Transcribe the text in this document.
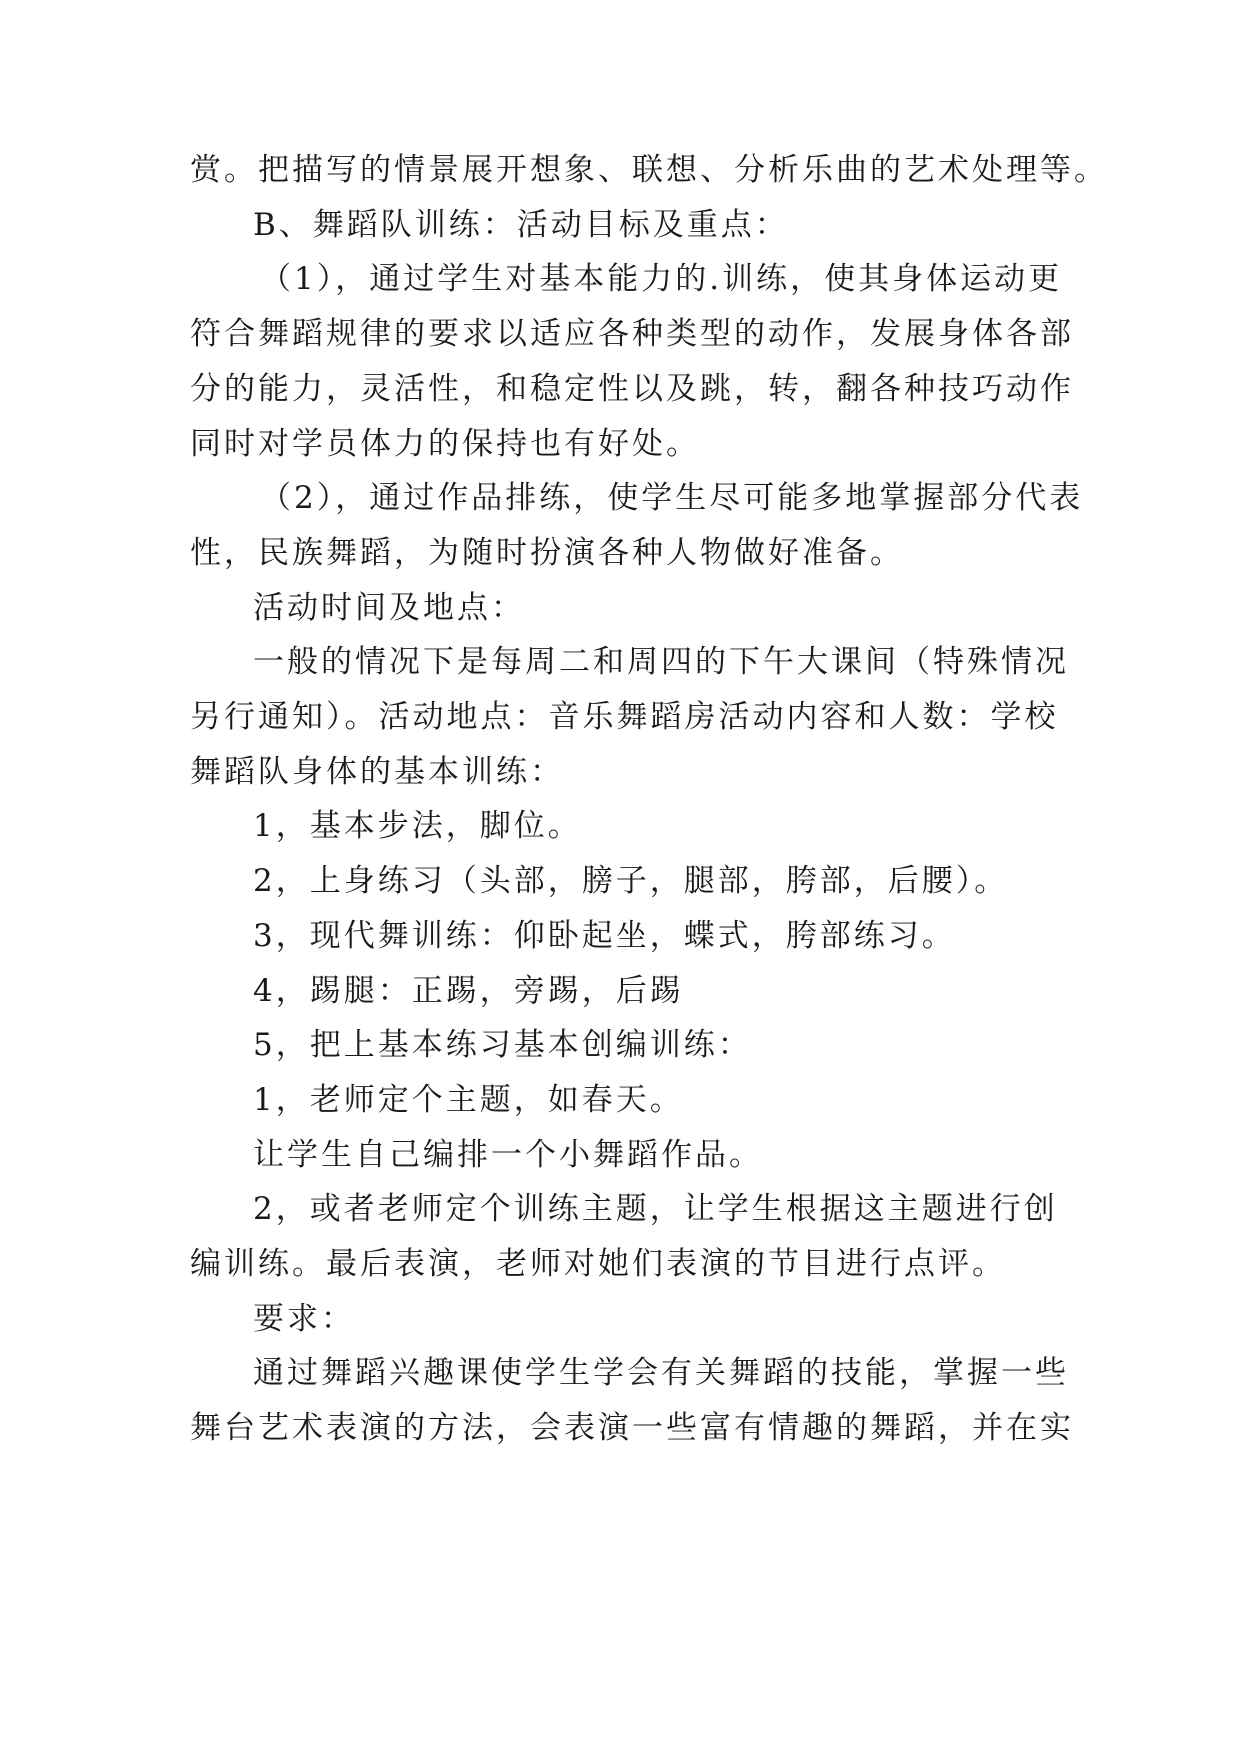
赏。把描写的情景展开想象、联想、分析乐曲的艺术处理等。
B、舞蹈队训练：活动目标及重点：
（1），通过学生对基本能力的.训练，使其身体运动更
符合舞蹈规律的要求以适应各种类型的动作，发展身体各部
分的能力，灵活性，和稳定性以及跳，转，翻各种技巧动作
同时对学员体力的保持也有好处。
（2），通过作品排练，使学生尽可能多地掌握部分代表
性，民族舞蹈，为随时扮演各种人物做好准备。
活动时间及地点：
一般的情况下是每周二和周四的下午大课间（特殊情况
另行通知）。活动地点：音乐舞蹈房活动内容和人数：学校
舞蹈队身体的基本训练：
1，基本步法，脚位。
2，上身练习（头部，膀子，腿部，胯部，后腰）。
3，现代舞训练：仰卧起坐，蝶式，胯部练习。
4，踢腿：正踢，旁踢，后踢
5，把上基本练习基本创编训练：
1，老师定个主题，如春天。
让学生自己编排一个小舞蹈作品。
2，或者老师定个训练主题，让学生根据这主题进行创
编训练。最后表演，老师对她们表演的节目进行点评。
要求：
通过舞蹈兴趣课使学生学会有关舞蹈的技能，掌握一些
舞台艺术表演的方法，会表演一些富有情趣的舞蹈，并在实
